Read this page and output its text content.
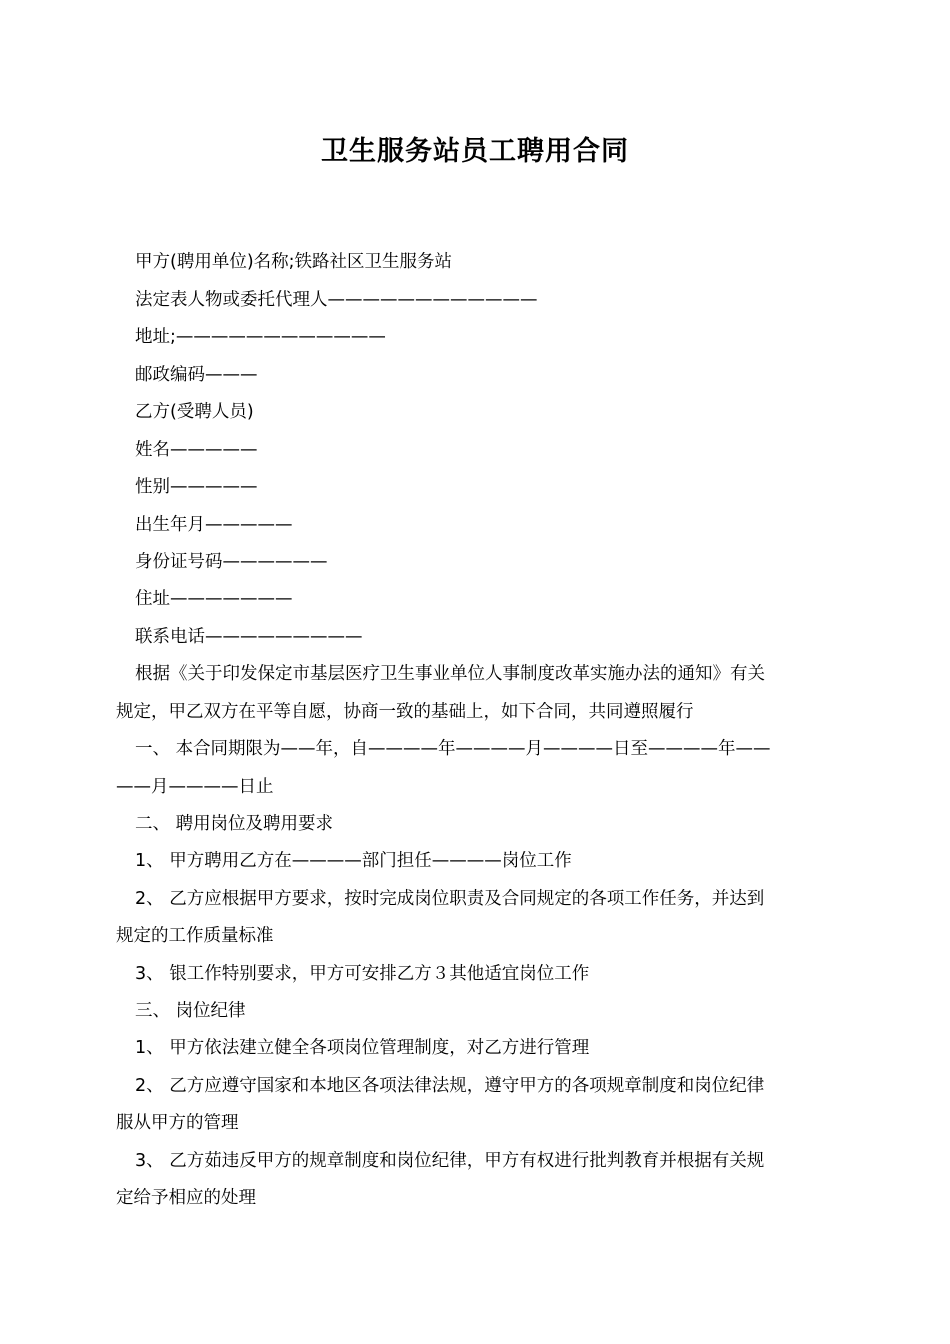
卫生服务站员工聘用合同
甲方(聘用单位)名称;铁路社区卫生服务站
法定表人物或委托代理人————————————
地址;————————————
邮政编码———
乙方(受聘人员)
姓名—————
性别—————
出生年月—————
身份证号码——————
住址———————
联系电话—————————
根据《关于印发保定市基层医疗卫生事业单位人事制度改革实施办法的通知》有关
规定，甲乙双方在平等自愿，协商一致的基础上，如下合同，共同遵照履行
一、 本合同期限为——年，自————年————月————日至————年——
——月————日止
二、 聘用岗位及聘用要求
1、 甲方聘用乙方在————部门担任————岗位工作
2、 乙方应根据甲方要求，按时完成岗位职责及合同规定的各项工作任务，并达到
规定的工作质量标准
3、 银工作特别要求，甲方可安排乙方３其他适宜岗位工作
三、 岗位纪律
1、 甲方依法建立健全各项岗位管理制度，对乙方进行管理
2、 乙方应遵守国家和本地区各项法律法规，遵守甲方的各项规章制度和岗位纪律
服从甲方的管理
3、 乙方茹违反甲方的规章制度和岗位纪律，甲方有权进行批判教育并根据有关规
定给予相应的处理
